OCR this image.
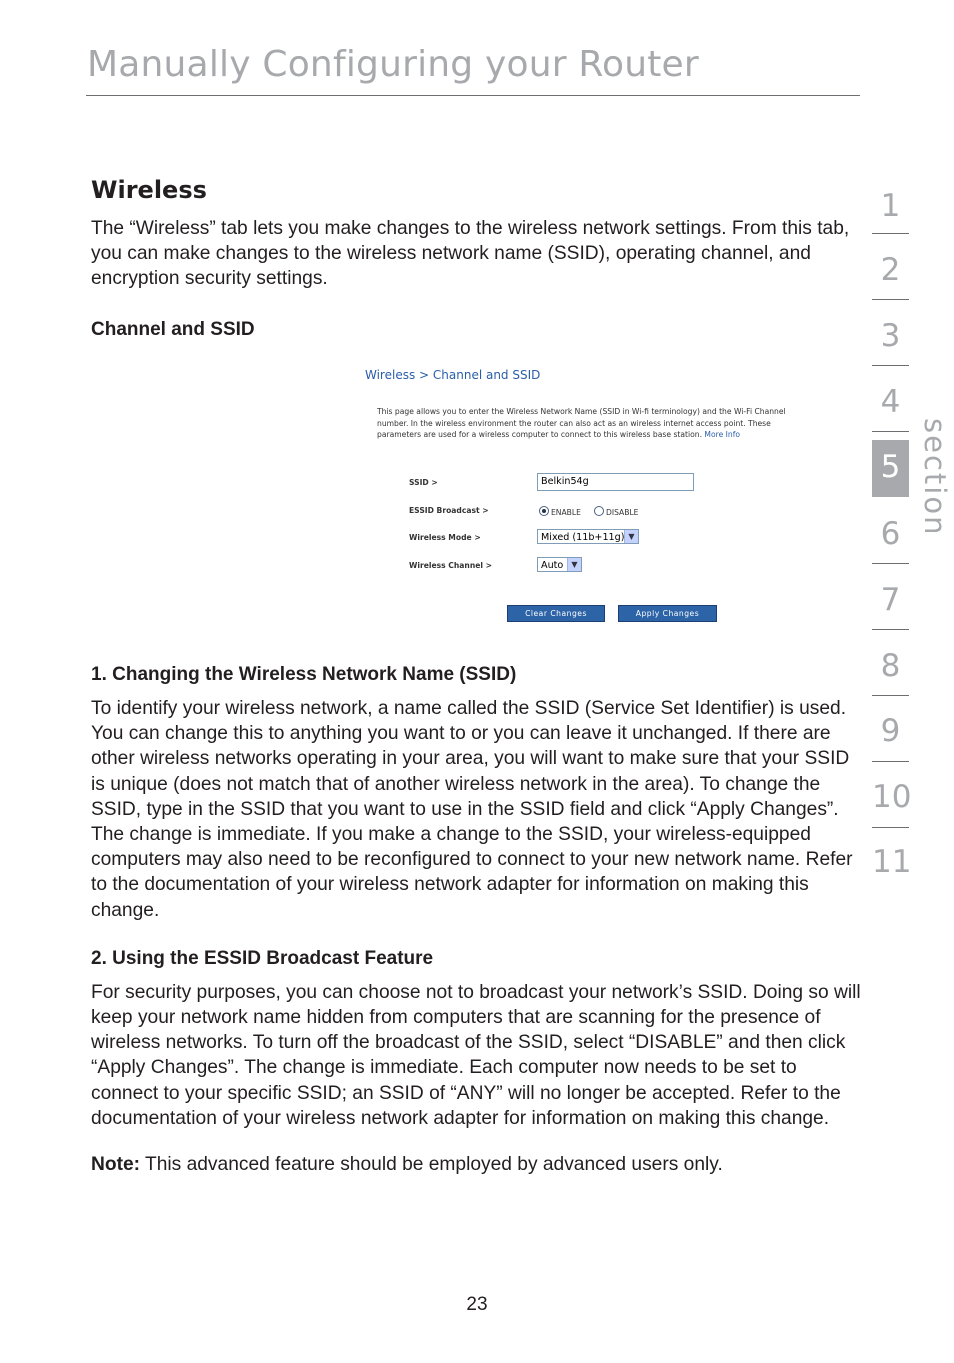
Manually Configuring your Router
1
2
3
4
5
6
7
8
9
10
11
section
Wireless

The “Wireless” tab lets you make changes to the wireless network settings. From this tab, you can make changes to the wireless network name (SSID), operating channel, and encryption security settings.

Channel and SSID
Wireless > Channel and SSID
This page allows you to enter the Wireless Network Name (SSID in Wi-fi terminology) and the Wi-Fi Channel number. In the wireless environment the router can also act as an wireless internet access point. These parameters are used for a wireless computer to connect to this wireless base station. More Info
SSID >	Belkin54g
ESSID Broadcast >	ENABLE	DISABLE
Wireless Mode >	Mixed (11b+11g) ▼
Wireless Channel >	Auto	▼
Clear Changes	Apply Changes
1. Changing the Wireless Network Name (SSID)

To identify your wireless network, a name called the SSID (Service Set Identifier) is used. You can change this to anything you want to or you can leave it unchanged. If there are other wireless networks operating in your area, you will want to make sure that your SSID is unique (does not match that of another wireless network in the area). To change the SSID, type in the SSID that you want to use in the SSID field and click “Apply Changes”. The change is immediate. If you make a change to the SSID, your wireless-equipped computers may also need to be reconfigured to connect to your new network name. Refer to the documentation of your wireless network adapter for information on making this change.

2. Using the ESSID Broadcast Feature

For security purposes, you can choose not to broadcast your network’s SSID. Doing so will keep your network name hidden from computers that are scanning for the presence of wireless networks. To turn off the broadcast of the SSID, select “DISABLE” and then click “Apply Changes”. The change is immediate. Each computer now needs to be set to connect to your specific SSID; an SSID of “ANY” will no longer be accepted. Refer to the documentation of your wireless network adapter for information on making this change.

Note: This advanced feature should be employed by advanced users only.

23
